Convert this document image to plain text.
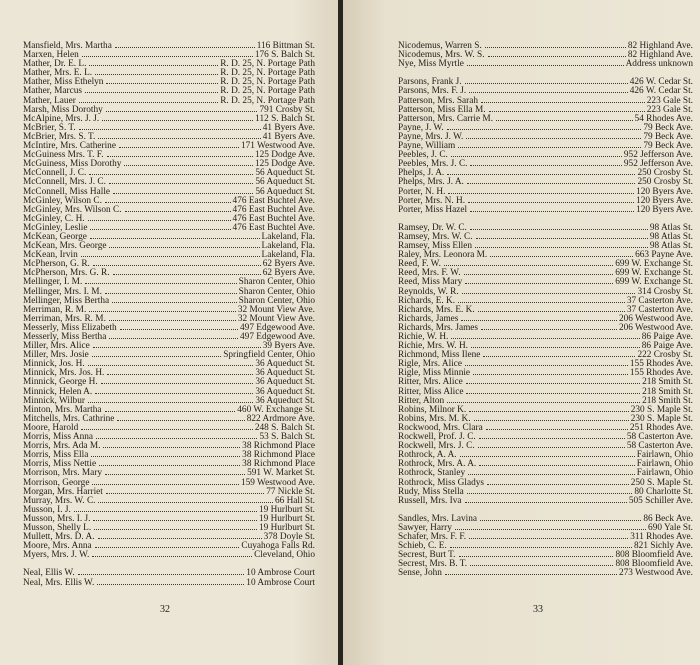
Mansfield, Mrs. Martha	116 Bittman St.
Marxen, Helen	176 S. Balch St.
Mather, Dr. E. L.	R. D. 25, N. Portage Path
Mather, Mrs. E. L.	R. D. 25, N. Portage Path
Mather, Miss Ethelyn	R. D. 25, N. Portage Path
Mather, Marcus	R. D. 25, N. Portage Path
Mather, Lauer	R. D. 25, N. Portage Path
Marsh, Miss Dorothy	791 Crosby St.
McAlpine, Mrs. J. J.	112 S. Balch St.
McBrier, S. T.	41 Byers Ave.
McBrier, Mrs. S. T.	41 Byers Ave.
McIntire, Mrs. Catherine	171 Westwood Ave.
McGuiness Mrs. T. F.	125 Dodge Ave.
McGuiness, Miss Dorothy	125 Dodge Ave.
McConnell, J. C.	56 Aqueduct St.
McConnell, Mrs. J. C.	56 Aqueduct St.
McConnell, Miss Halle	56 Aqueduct St.
McGinley, Wilson C.	476 East Buchtel Ave.
McGinley, Mrs. Wilson C.	476 East Buchtel Ave.
McGinley, C. H.	476 East Buchtel Ave.
McGinley, Leslie	476 East Buchtel Ave.
McKean, George	Lakeland, Fla.
McKean, Mrs. George	Lakeland, Fla.
McKean, Irvin	Lakeland, Fla.
McPherson, G. R.	62 Byers Ave.
McPherson, Mrs. G. R.	62 Byers Ave.
Mellinger, I. M.	Sharon Center, Ohio
Mellinger, Mrs. I. M.	Sharon Center, Ohio
Mellinger, Miss Bertha	Sharon Center, Ohio
Merriman, R. M.	32 Mount View Ave.
Merriman, Mrs. R. M.	32 Mount View Ave.
Messerly, Miss Elizabeth	497 Edgewood Ave.
Messerly, Miss Bertha	497 Edgewood Ave.
Miller, Mrs. Alice	39 Byers Ave.
Miller, Mrs. Josie	Springfield Center, Ohio
Minnick, Jos. H.	36 Aqueduct St.
Minnick, Mrs. Jos. H.	36 Aqueduct St.
Minnick, George H.	36 Aqueduct St.
Minnick, Helen A.	36 Aqueduct St.
Minnick, Wilbur	36 Aqueduct St.
Minton, Mrs. Martha	460 W. Exchange St.
Mitchells, Mrs. Cathrine	822 Ardmore Ave.
Moore, Harold	248 S. Balch St.
Morris, Miss Anna	53 S. Balch St.
Morris, Mrs. Ada M.	38 Richmond Place
Morris, Miss Ella	38 Richmond Place
Morris, Miss Nettie	38 Richmond Place
Morrison, Mrs. Mary	591 W. Market St.
Morrison, George	159 Westwood Ave.
Morgan, Mrs. Harriet	77 Nickle St.
Murray, Mrs. W. C.	66 Hall St.
Musson, I. J.	19 Hurlburt St.
Musson, Mrs. I. J.	19 Hurlburt St.
Musson, Shelly L.	19 Hurlburt St.
Mullett, Mrs. D. A.	378 Doyle St.
Moore, Mrs. Anna	Cuyahoga Falls Rd.
Myers, Mrs. J. W.	Cleveland, Ohio
Neal, Ellis W.	10 Ambrose Court
Neal, Mrs. Ellis W.	10 Ambrose Court
32
Nicodemus, Warren S.	82 Highland Ave.
Nicodemus, Mrs. W. S.	82 Highland Ave.
Nye, Miss Myrtle	Address unknown
Parsons, Frank J.	426 W. Cedar St.
Parsons, Mrs. F. J.	426 W. Cedar St.
Patterson, Mrs. Sarah	223 Gale St.
Patterson, Miss Ella M.	223 Gale St.
Patterson, Mrs. Carrie M.	54 Rhodes Ave.
Payne, J. W.	79 Beck Ave.
Payne, Mrs. J. W.	79 Beck Ave.
Payne, William	79 Beck Ave.
Peebles, J. C.	952 Jefferson Ave.
Peebles, Mrs. J. C.	952 Jefferson Ave.
Phelps, J. A.	250 Crosby St.
Phelps, Mrs. J. A.	250 Crosby St.
Porter, N. H.	120 Byers Ave.
Porter, Mrs. N. H.	120 Byers Ave.
Porter, Miss Hazel	120 Byers Ave.
Ramsey, Dr. W. C.	98 Atlas St.
Ramsey, Mrs. W. C.	98 Atlas St.
Ramsey, Miss Ellen	98 Atlas St.
Raley, Mrs. Leonora M.	663 Payne Ave.
Reed, F. W.	699 W. Exchange St.
Reed, Mrs. F. W.	699 W. Exchange St.
Reed, Miss Mary	699 W. Exchange St.
Reynolds, W. R.	314 Crosby St.
Richards, E. K.	37 Casterton Ave.
Richards, Mrs. E. K.	37 Casterton Ave.
Richards, James	206 Westwood Ave.
Richards, Mrs. James	206 Westwood Ave.
Richie, W. H.	86 Paige Ave.
Richie, Mrs. W. H.	86 Paige Ave.
Richmond, Miss Ilene	222 Crosby St.
Rigle, Mrs. Alice	155 Rhodes Ave.
Rigle, Miss Minnie	155 Rhodes Ave.
Ritter, Mrs. Alice	218 Smith St.
Ritter, Miss Alice	218 Smith St.
Ritter, Alton	218 Smith St.
Robins, Milnor K.	230 S. Maple St.
Robins, Mrs. M. K.	230 S. Maple St.
Rockwood, Mrs. Clara	251 Rhodes Ave.
Rockwell, Prof. J. C.	58 Casterton Ave.
Rockwell, Mrs. J. C.	58 Casterton Ave.
Rothrock, A. A.	Fairlawn, Ohio
Rothrock, Mrs. A. A.	Fairlawn, Ohio
Rothrock, Stanley	Fairlawn, Ohio
Rothrock, Miss Gladys	250 S. Maple St.
Rudy, Miss Stella	80 Charlotte St.
Russell, Mrs. Iva	505 Schiller Ave.
Sandles, Mrs. Lavina	86 Beck Ave.
Sawyer, Harry	690 Yale St.
Schafer, Mrs. F. F.	311 Rhodes Ave.
Schieb, C. E.	821 Sichly Ave.
Secrest, Burt T.	808 Bloomfield Ave.
Secrest, Mrs. B. T.	808 Bloomfield Ave.
Sense, John	273 Westwood Ave.
33
